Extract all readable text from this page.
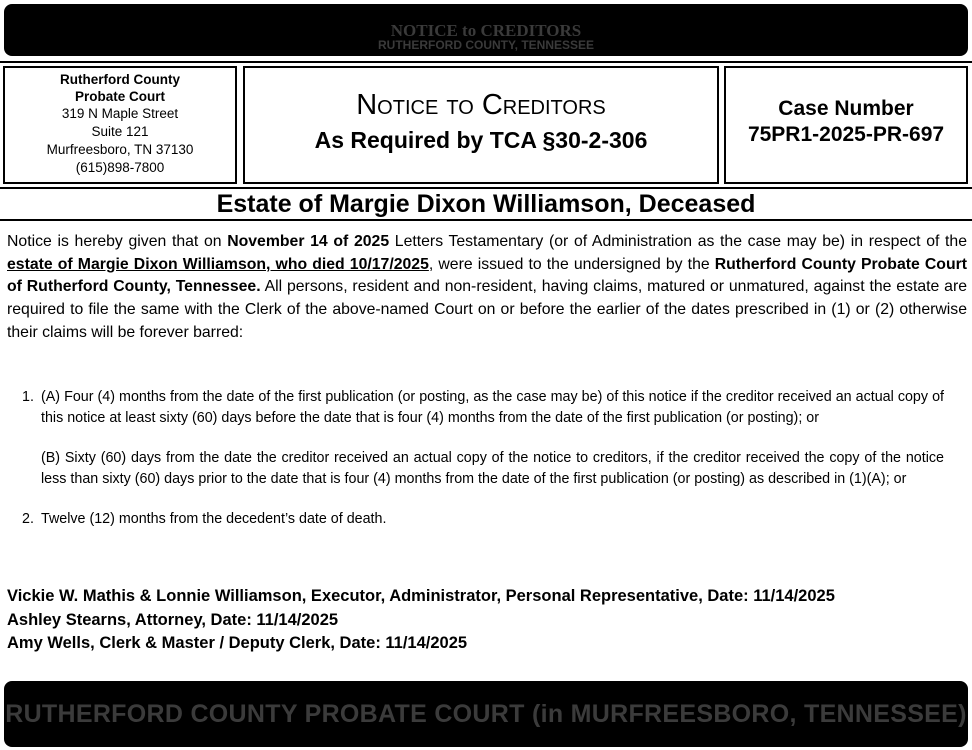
NOTICE to CREDITORS
RUTHERFORD COUNTY, TENNESSEE
Rutherford County
Probate Court
319 N Maple Street
Suite 121
Murfreesboro, TN 37130
(615)898-7800
Notice to Creditors
As Required by TCA §30-2-306
Case Number
75PR1-2025-PR-697
Estate of Margie Dixon Williamson, Deceased
Notice is hereby given that on November 14 of 2025 Letters Testamentary (or of Administration as the case may be) in respect of the estate of Margie Dixon Williamson, who died 10/17/2025, were issued to the undersigned by the Rutherford County Probate Court of Rutherford County, Tennessee. All persons, resident and non-resident, having claims, matured or unmatured, against the estate are required to file the same with the Clerk of the above-named Court on or before the earlier of the dates prescribed in (1) or (2) otherwise their claims will be forever barred:
1. (A) Four (4) months from the date of the first publication (or posting, as the case may be) of this notice if the creditor received an actual copy of this notice at least sixty (60) days before the date that is four (4) months from the date of the first publication (or posting); or

(B) Sixty (60) days from the date the creditor received an actual copy of the notice to creditors, if the creditor received the copy of the notice less than sixty (60) days prior to the date that is four (4) months from the date of the first publication (or posting) as described in (1)(A); or

2. Twelve (12) months from the decedent’s date of death.

Vickie W. Mathis & Lonnie Williamson, Executor, Administrator, Personal Representative, Date: 11/14/2025
Ashley Stearns, Attorney, Date: 11/14/2025
Amy Wells, Clerk & Master / Deputy Clerk, Date: 11/14/2025
RUTHERFORD COUNTY PROBATE COURT (in MURFREESBORO, TENNESSEE)
